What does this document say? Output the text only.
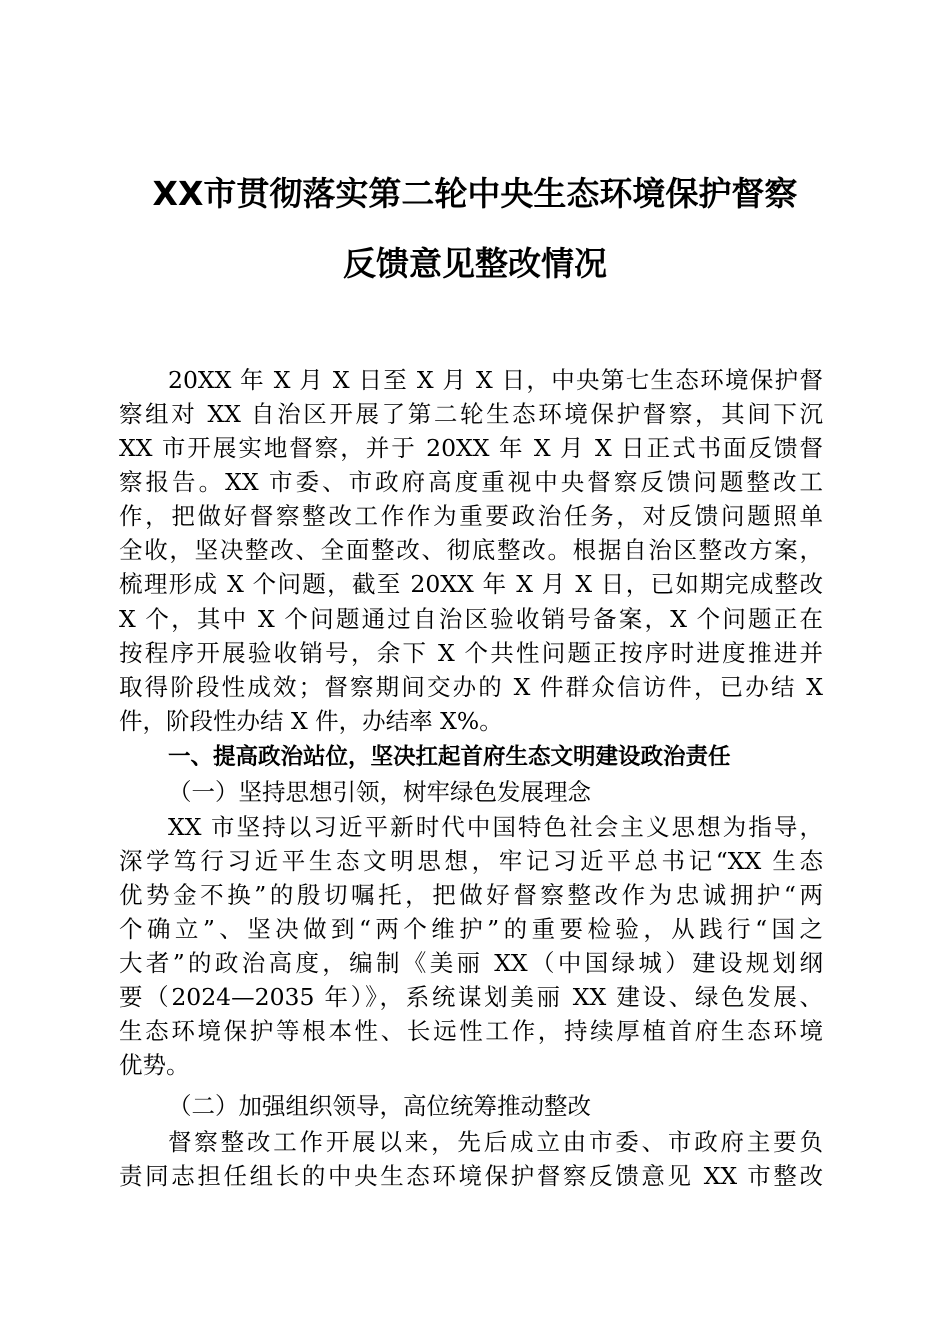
XX市贯彻落实第二轮中央生态环境保护督察
反馈意见整改情况
20XX 年 X 月 X 日至 X 月 X 日，中央第七生态环境保护督
察组对 XX 自治区开展了第二轮生态环境保护督察，其间下沉
XX 市开展实地督察，并于 20XX 年 X 月 X 日正式书面反馈督
察报告。XX 市委、市政府高度重视中央督察反馈问题整改工
作，把做好督察整改工作作为重要政治任务，对反馈问题照单
全收，坚决整改、全面整改、彻底整改。根据自治区整改方案，
梳理形成 X 个问题，截至 20XX 年 X 月 X 日，已如期完成整改
X 个，其中 X 个问题通过自治区验收销号备案，X 个问题正在
按程序开展验收销号，余下 X 个共性问题正按序时进度推进并
取得阶段性成效；督察期间交办的 X 件群众信访件，已办结 X
件，阶段性办结 X 件，办结率 X%。
一、提高政治站位，坚决扛起首府生态文明建设政治责任
（一）坚持思想引领，树牢绿色发展理念
XX 市坚持以习近平新时代中国特色社会主义思想为指导，
深学笃行习近平生态文明思想，牢记习近平总书记“XX 生态
优势金不换”的殷切嘱托，把做好督察整改作为忠诚拥护“两
个确立”、坚决做到“两个维护”的重要检验，从践行“国之
大者”的政治高度，编制《美丽 XX（中国绿城）建设规划纲
要（2024—2035 年）》，系统谋划美丽 XX 建设、绿色发展、
生态环境保护等根本性、长远性工作，持续厚植首府生态环境
优势。
（二）加强组织领导，高位统筹推动整改
督察整改工作开展以来，先后成立由市委、市政府主要负
责同志担任组长的中央生态环境保护督察反馈意见 XX 市整改
